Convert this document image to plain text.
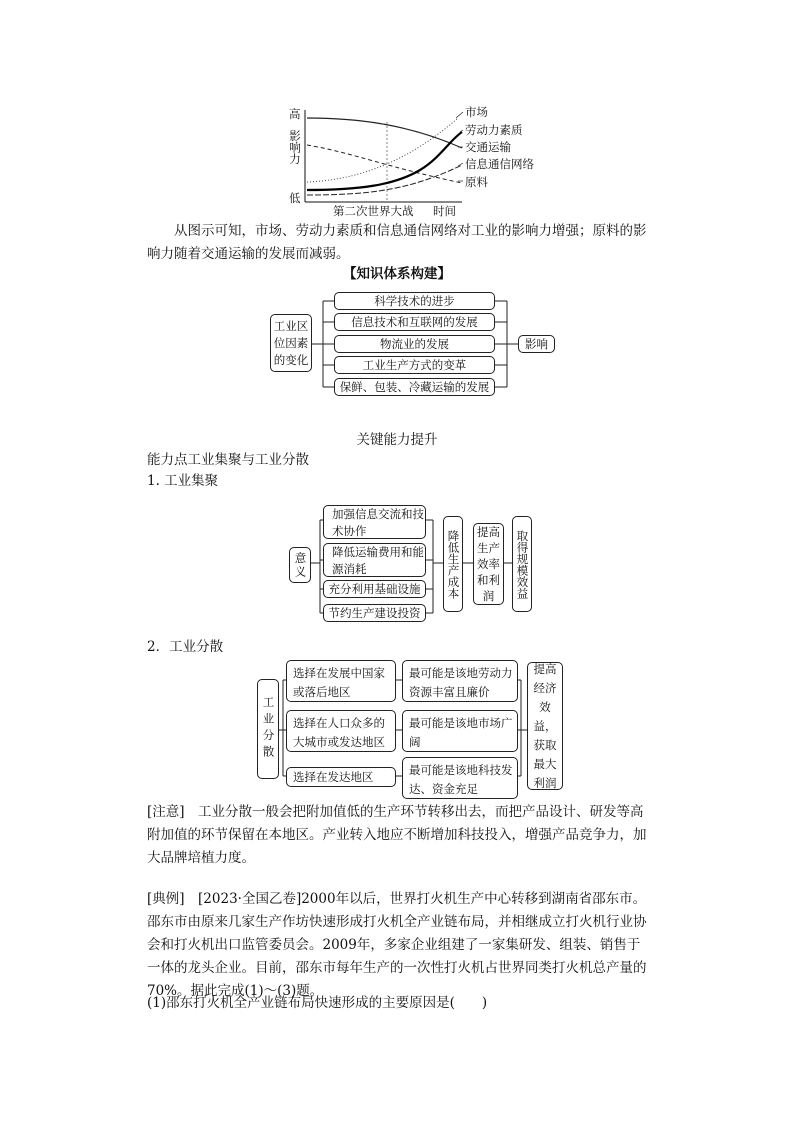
高
低
影响力
第二次世界大战 时间
市场
劳动力素质
交通运输
信息通信网络
原料
从图示可知，市场、劳动力素质和信息通信网络对工业的影响力增强；原料的影响力随着交通运输的发展而减弱。
【知识体系构建】
工业区位因素的变化
科学技术的进步
信息技术和互联网的发展
物流业的发展
工业生产方式的变革
保鲜、包装、冷藏运输的发展
影响
关键能力提升
能力点工业集聚与工业分散
1. 工业集聚
意义
加强信息交流和技术协作
降低运输费用和能源消耗
充分利用基础设施
节约生产建设投资
降低生产成本	提高生产效率和利润	取得规模效益
2．工业分散
工业分散
选择在发展中国家或落后地区
选择在人口众多的大城市或发达地区
选择在发达地区
最可能是该地劳动力资源丰富且廉价
最可能是该地市场广阔
最可能是该地科技发达、资金充足
提高经济效益，获取最大利润
[注意]　工业分散一般会把附加值低的生产环节转移出去，而把产品设计、研发等高附加值的环节保留在本地区。产业转入地应不断增加科技投入，增强产品竞争力，加大品牌培植力度。
[典例]　[2023·全国乙卷]2000年以后，世界打火机生产中心转移到湖南省邵东市。邵东市由原来几家生产作坊快速形成打火机全产业链布局，并相继成立打火机行业协会和打火机出口监管委员会。2009年，多家企业组建了一家集研发、组装、销售于一体的龙头企业。目前，邵东市每年生产的一次性打火机占世界同类打火机总产量的70%。据此完成(1)～(3)题。
(1)邵东打火机全产业链布局快速形成的主要原因是(　　)
